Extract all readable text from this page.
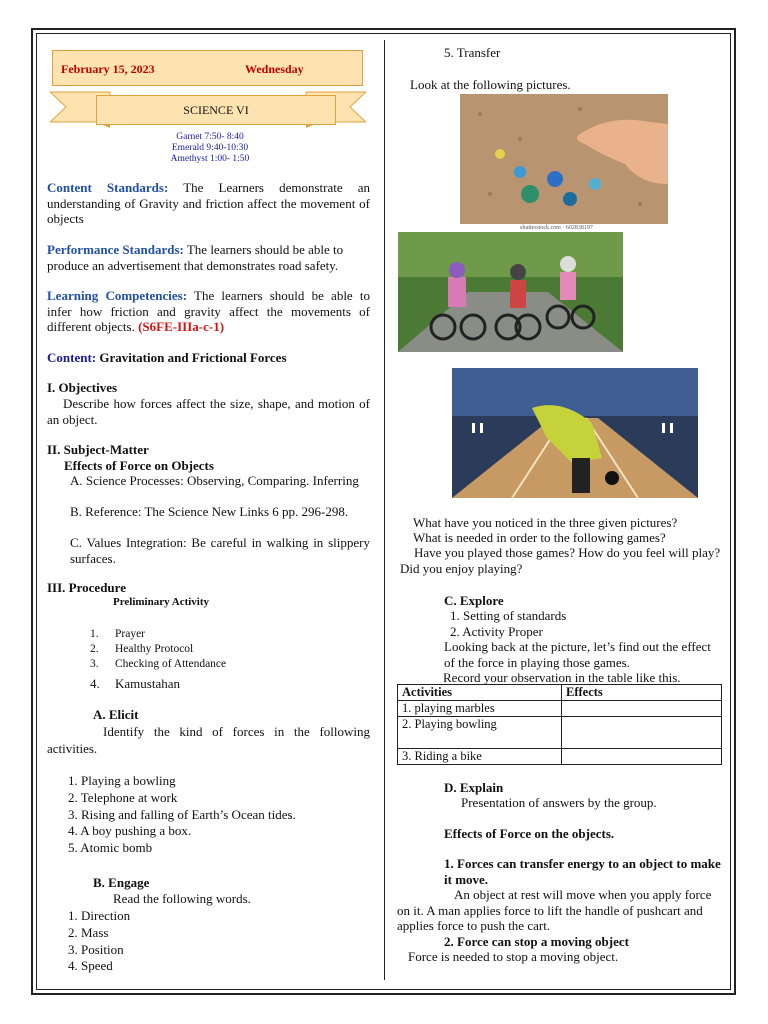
February 15, 2023	Wednesday
SCIENCE VI
Garnet 7:50- 8:40
Emerald 9:40-10:30
Amethyst 1:00- 1:50
Content Standards: The Learners demonstrate an understanding of Gravity and friction affect the movement of objects
Performance Standards: The learners should be able to produce an advertisement that demonstrates road safety.
Learning Competencies: The learners should be able to infer how friction and gravity affect the movements of different objects. (S6FE-IIIa-c-1)
Content: Gravitation and Frictional Forces
I. Objectives
Describe how forces affect the size, shape, and motion of an object.
II. Subject-Matter
Effects of Force on Objects
A. Science Processes: Observing, Comparing. Inferring
B. Reference: The Science New Links 6 pp. 296-298.
C. Values Integration: Be careful in walking in slippery surfaces.
III. Procedure
Preliminary Activity
1. Prayer
2. Healthy Protocol
3. Checking of Attendance
4. Kamustahan
A. Elicit
Identify the kind of forces in the following activities.
1. Playing a bowling
2. Telephone at work
3. Rising and falling of Earth’s Ocean tides.
4. A boy pushing a box.
5. Atomic bomb
B. Engage
Read the following words.
1. Direction
2. Mass
3. Position
4. Speed
5. Transfer
Look at the following pictures.
shutterstock.com · 602838197
What have you noticed in the three given pictures?
What is needed in order to the following games?
Have you played those games? How do you feel will play? Did you enjoy playing?
C. Explore
1. Setting of standards
2. Activity Proper
Looking back at the picture, let’s find out the effect of the force in playing those games.
Record your observation in the table like this.
Activities	Effects
1. playing marbles	
2. Playing bowling	
3. Riding a bike	
D. Explain
Presentation of answers by the group.
Effects of Force on the objects.
1. Forces can transfer energy to an object to make it move.
An object at rest will move when you apply force on it. A man applies force to lift the handle of pushcart and applies force to push the cart.
2. Force can stop a moving object
Force is needed to stop a moving object.
